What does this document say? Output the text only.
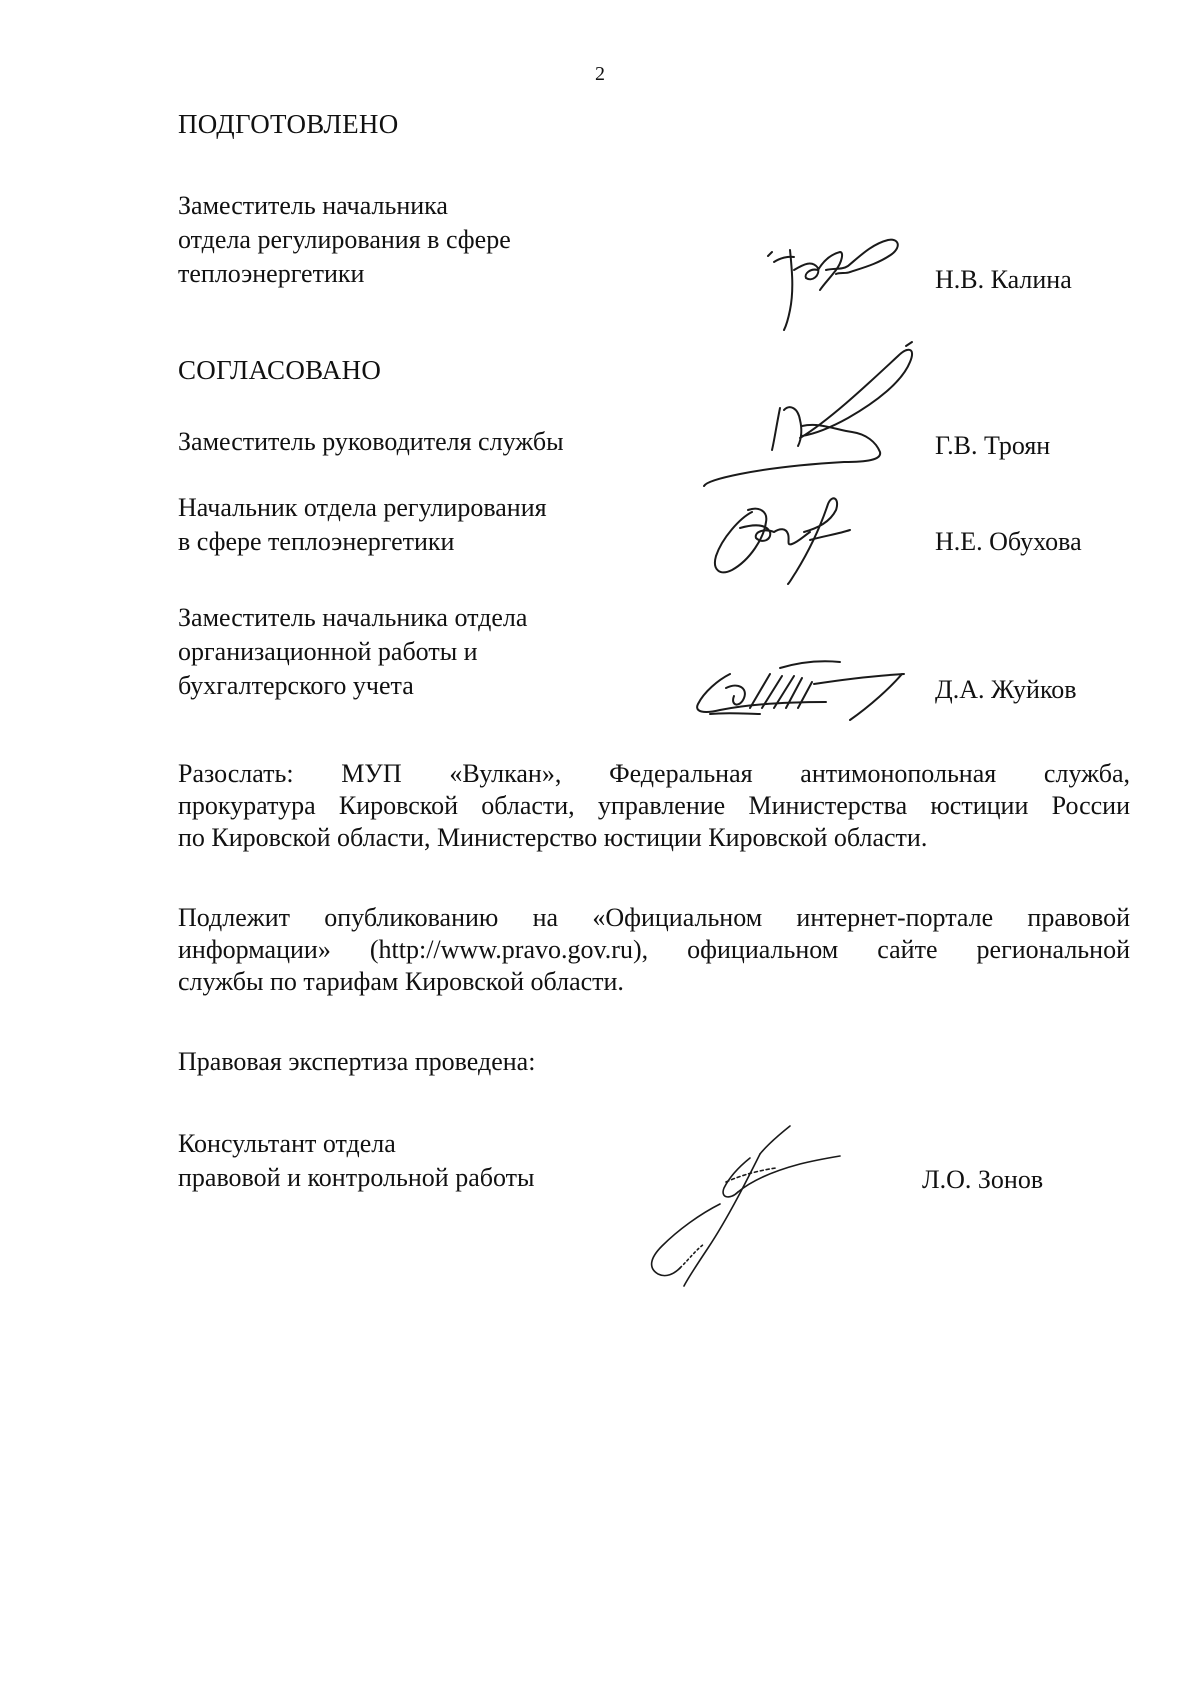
2
ПОДГОТОВЛЕНО
Заместитель начальника
отдела регулирования в сфере
теплоэнергетики	Н.В. Калина
СОГЛАСОВАНО
Заместитель руководителя службы	Г.В. Троян
Начальник отдела регулирования
в сфере теплоэнергетики	Н.Е. Обухова
Заместитель начальника отдела
организационной работы и
бухгалтерского учета	Д.А. Жуйков
Разослать: МУП «Вулкан», Федеральная антимонопольная служба,
прокуратура Кировской области, управление Министерства юстиции России
по Кировской области, Министерство юстиции Кировской области.
Подлежит опубликованию на «Официальном интернет-портале правовой
информации» (http://www.pravo.gov.ru), официальном сайте региональной
службы по тарифам Кировской области.
Правовая экспертиза проведена:
Консультант отдела
правовой и контрольной работы	Л.О. Зонов
